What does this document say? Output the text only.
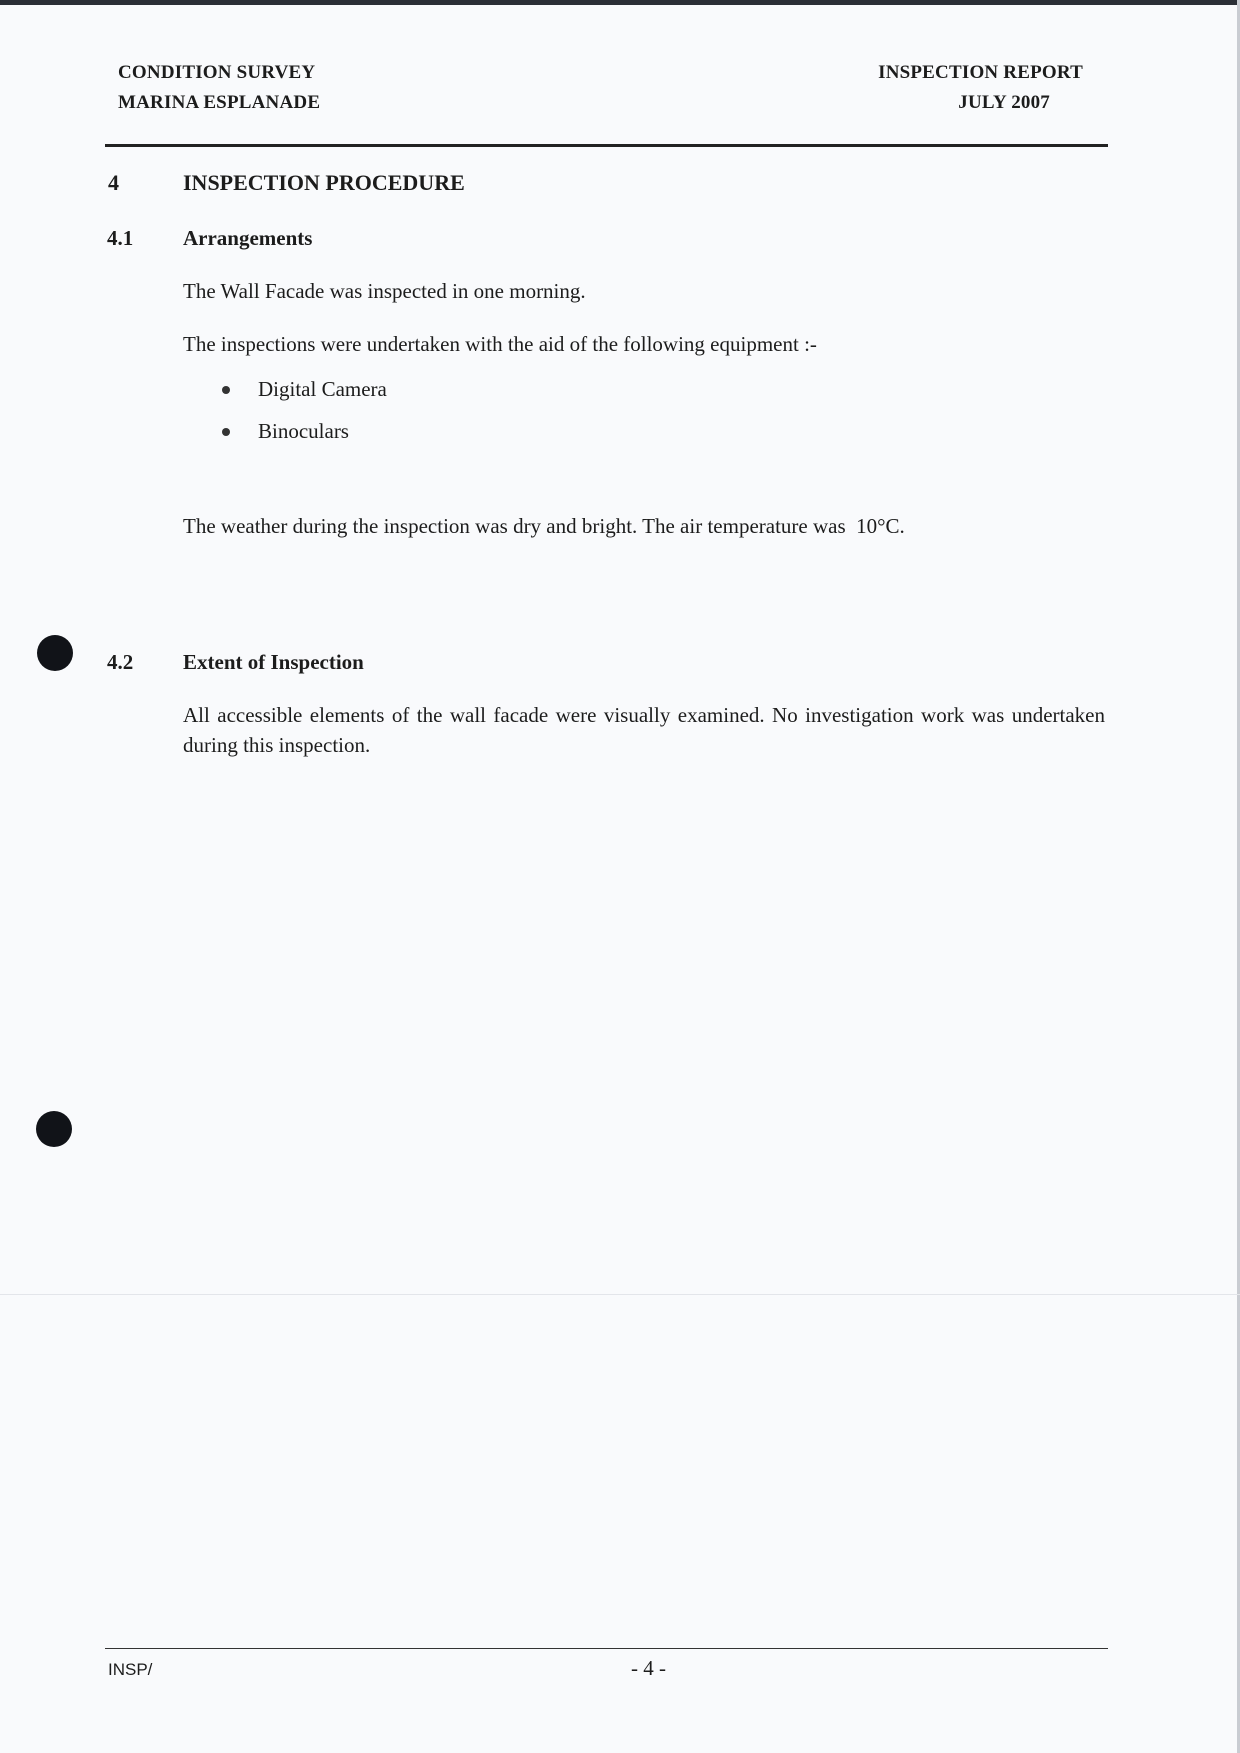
CONDITION SURVEY
MARINA ESPLANADE
INSPECTION REPORT
JULY 2007
4	INSPECTION PROCEDURE
4.1 Arrangements
The Wall Facade was inspected in one morning.
The inspections were undertaken with the aid of the following equipment :-
Digital Camera
Binoculars
The weather during the inspection was dry and bright. The air temperature was  10°C.
4.2 Extent of Inspection
All accessible elements of the wall facade were visually examined. No investigation work was undertaken during this inspection.
INSP/	- 4 -
